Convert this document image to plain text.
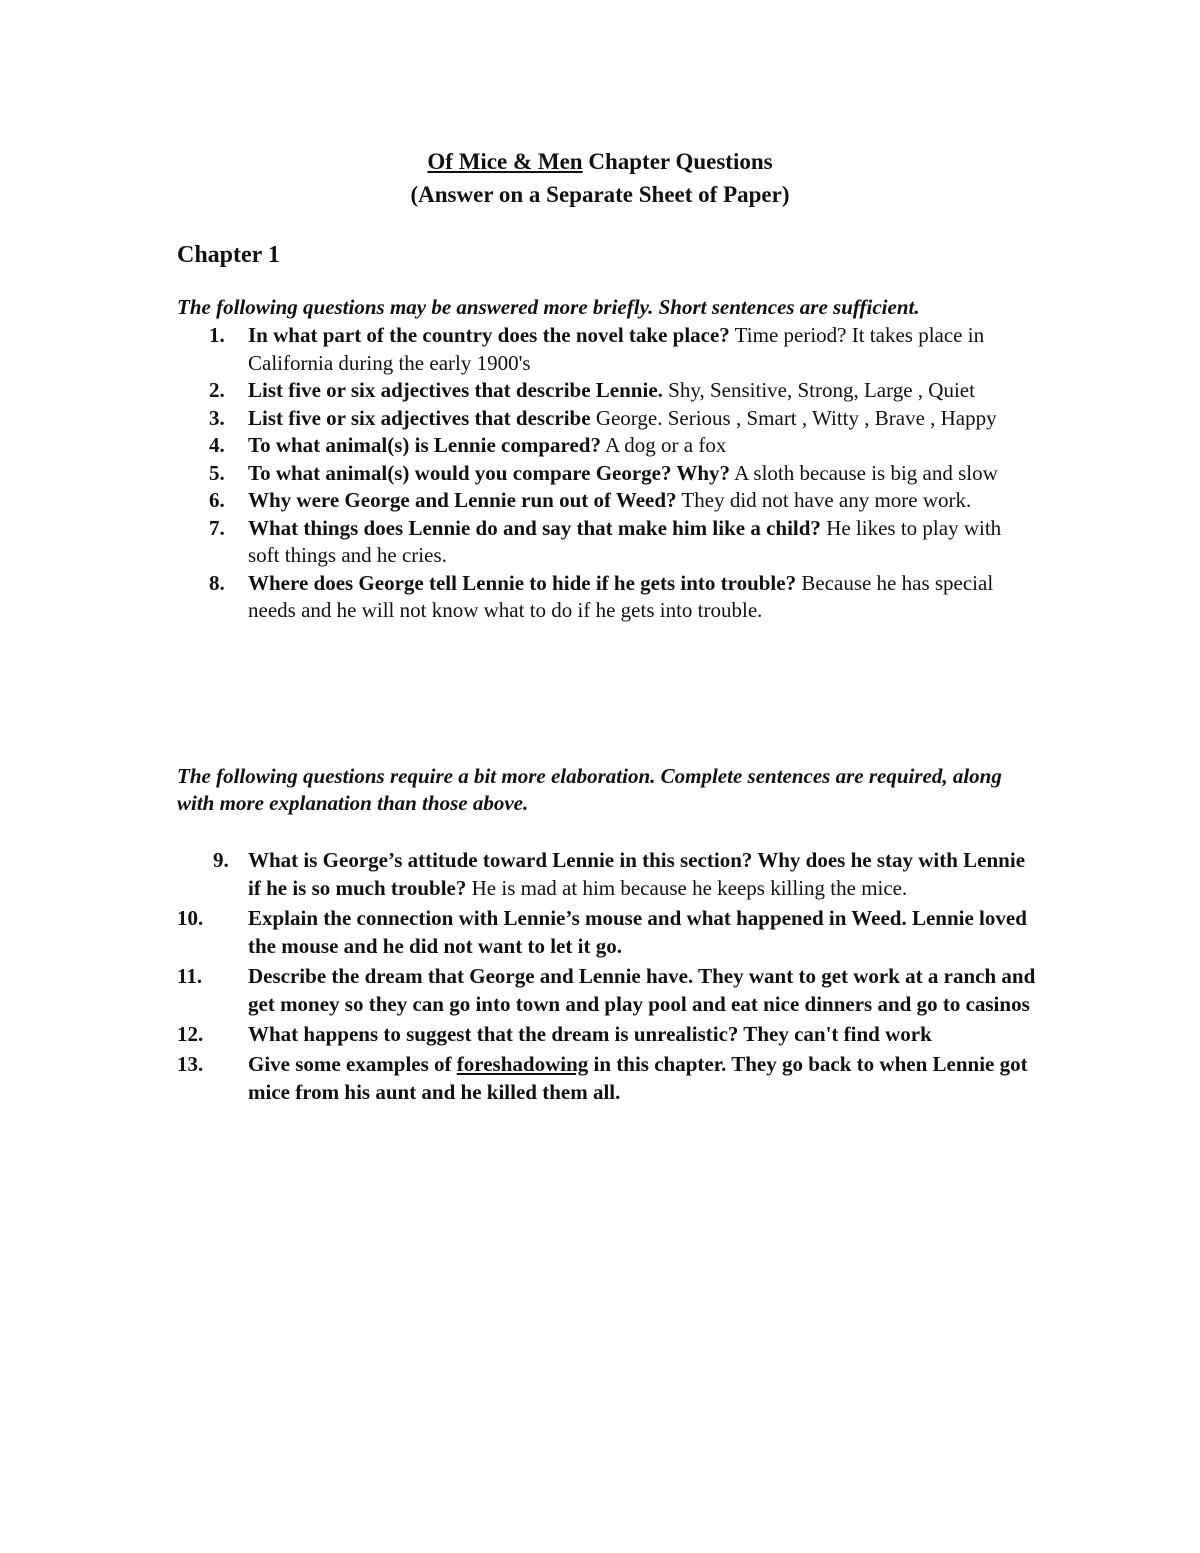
Of Mice & Men Chapter Questions
(Answer on a Separate Sheet of Paper)
Chapter 1

The following questions may be answered more briefly. Short sentences are sufficient.

1. In what part of the country does the novel take place? Time period? It takes place in California during the early 1900's
2. List five or six adjectives that describe Lennie. Shy, Sensitive, Strong, Large , Quiet
3. List five or six adjectives that describe George. Serious , Smart , Witty , Brave , Happy
4. To what animal(s) is Lennie compared? A dog or a fox
5. To what animal(s) would you compare George? Why? A sloth because is big and slow
6. Why were George and Lennie run out of Weed? They did not have any more work.
7. What things does Lennie do and say that make him like a child? He likes to play with soft things and he cries.
8. Where does George tell Lennie to hide if he gets into trouble? Because he has special needs and he will not know what to do if he gets into trouble.

The following questions require a bit more elaboration. Complete sentences are required, along with more explanation than those above.

9. What is George’s attitude toward Lennie in this section? Why does he stay with Lennie if he is so much trouble? He is mad at him because he keeps killing the mice.
10. Explain the connection with Lennie’s mouse and what happened in Weed. Lennie loved the mouse and he did not want to let it go.
11. Describe the dream that George and Lennie have. They want to get work at a ranch and get money so they can go into town and play pool and eat nice dinners and go to casinos
12. What happens to suggest that the dream is unrealistic? They can't find work
13. Give some examples of foreshadowing in this chapter. They go back to when Lennie got mice from his aunt and he killed them all.
